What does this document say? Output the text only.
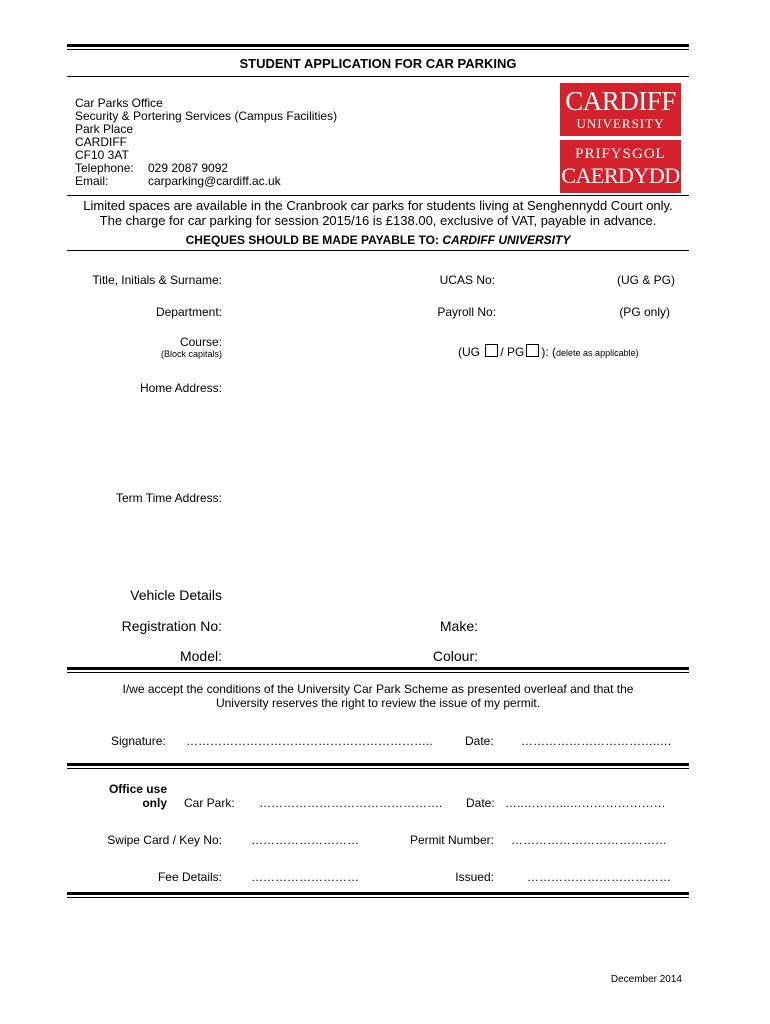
STUDENT APPLICATION FOR CAR PARKING
Car Parks Office
Security & Portering Services (Campus Facilities)
Park Place
CARDIFF
CF10 3AT
Telephone: 029 2087 9092
Email:	carparking@cardiff.ac.uk
CARDIFF
UNIVERSITY
PRIFYSGOL
CAERDYDD
Limited spaces are available in the Cranbrook car parks for students living at Senghennydd Court only.
The charge for car parking for session 2015/16 is £138.00, exclusive of VAT, payable in advance.
CHEQUES SHOULD BE MADE PAYABLE TO: CARDIFF UNIVERSITY
Title, Initials & Surname:	UCAS No:	(UG & PG)
Department:	Payroll No:	(PG only)
Course:
(Block capitals)	(UG / PG ): (delete as applicable)
Home Address:
Term Time Address:
Vehicle Details
Registration No:	Make:
Model:	Colour:
I/we accept the conditions of the University Car Park Scheme as presented overleaf and that the
University reserves the right to review the issue of my permit.
Signature: ……………………………………………………..	Date: ……………………………..…
Office use
only Car Park: ………………………………………. Date: …..………...……………………
Swipe Card / Key No: ………………………	Permit Number: …………………………………
Fee Details: ………………………	Issued:	………………………………
December 2014
